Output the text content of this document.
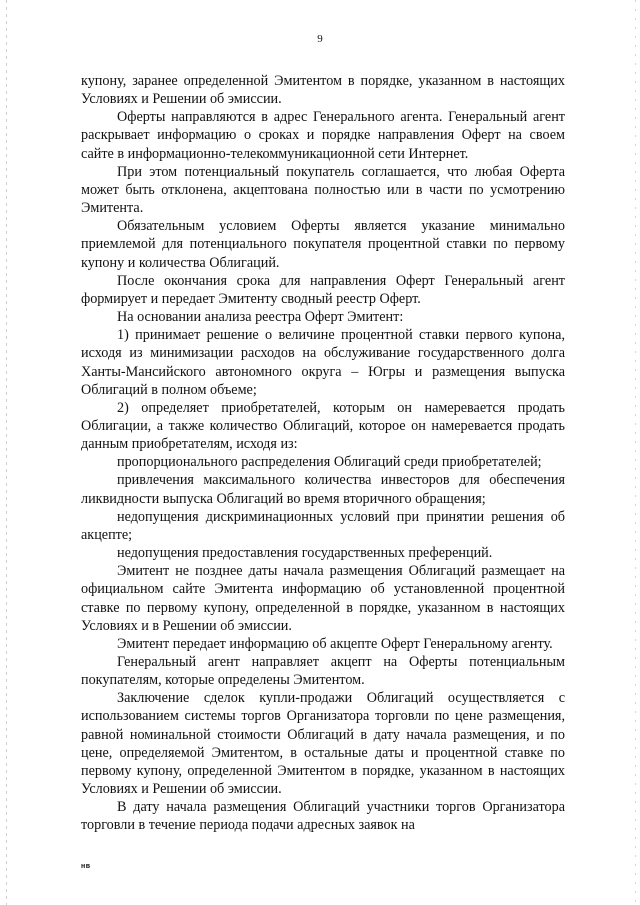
9

купону, заранее определенной Эмитентом в порядке, указанном в настоящих Условиях и Решении об эмиссии.

Оферты направляются в адрес Генерального агента. Генеральный агент раскрывает информацию о сроках и порядке направления Оферт на своем сайте в информационно-телекоммуникационной сети Интернет.

При этом потенциальный покупатель соглашается, что любая Оферта может быть отклонена, акцептована полностью или в части по усмотрению Эмитента.

Обязательным условием Оферты является указание минимально приемлемой для потенциального покупателя процентной ставки по первому купону и количества Облигаций.

После окончания срока для направления Оферт Генеральный агент формирует и передает Эмитенту сводный реестр Оферт.

На основании анализа реестра Оферт Эмитент:

1) принимает решение о величине процентной ставки первого купона, исходя из минимизации расходов на обслуживание государственного долга Ханты-Мансийского автономного округа – Югры и размещения выпуска Облигаций в полном объеме;

2) определяет приобретателей, которым он намеревается продать Облигации, а также количество Облигаций, которое он намеревается продать данным приобретателям, исходя из:

пропорционального распределения Облигаций среди приобретателей;

привлечения максимального количества инвесторов для обеспечения ликвидности выпуска Облигаций во время вторичного обращения;

недопущения дискриминационных условий при принятии решения об акцепте;

недопущения предоставления государственных преференций.

Эмитент не позднее даты начала размещения Облигаций размещает на официальном сайте Эмитента информацию об установленной процентной ставке по первому купону, определенной в порядке, указанном в настоящих Условиях и в Решении об эмиссии.

Эмитент передает информацию об акцепте Оферт Генеральному агенту.

Генеральный агент направляет акцепт на Оферты потенциальным покупателям, которые определены Эмитентом.

Заключение сделок купли-продажи Облигаций осуществляется с использованием системы торгов Организатора торговли по цене размещения, равной номинальной стоимости Облигаций в дату начала размещения, и по цене, определяемой Эмитентом, в остальные даты и процентной ставке по первому купону, определенной Эмитентом в порядке, указанном в настоящих Условиях и Решении об эмиссии.

В дату начала размещения Облигаций участники торгов Организатора торговли в течение периода подачи адресных заявок на

нв
